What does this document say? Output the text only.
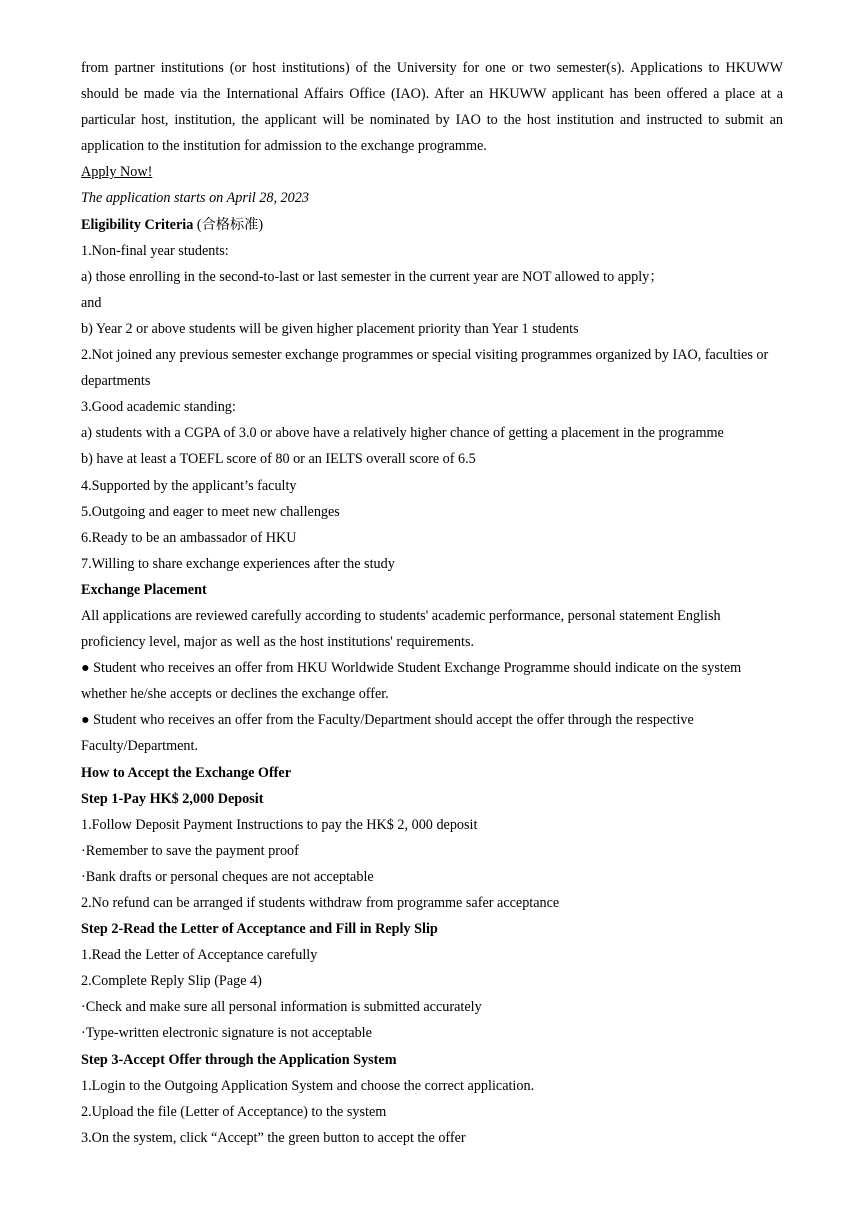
from partner institutions (or host institutions) of the University for one or two semester(s). Applications to HKUWW should be made via the International Affairs Office (IAO). After an HKUWW applicant has been offered a place at a particular host, institution, the applicant will be nominated by IAO to the host institution and instructed to submit an application to the institution for admission to the exchange programme.
Apply Now!
The application starts on April 28, 2023
Eligibility Criteria (合格标准)
1.Non-final year students:
a) those enrolling in the second-to-last or last semester in the current year are NOT allowed to apply；
and
b) Year 2 or above students will be given higher placement priority than Year 1 students
2.Not joined any previous semester exchange programmes or special visiting programmes organized by IAO, faculties or departments
3.Good academic standing:
a) students with a CGPA of 3.0 or above have a relatively higher chance of getting a placement in the programme
b) have at least a TOEFL score of 80 or an IELTS overall score of 6.5
4.Supported by the applicant’s faculty
5.Outgoing and eager to meet new challenges
6.Ready to be an ambassador of HKU
7.Willing to share exchange experiences after the study
Exchange Placement
All applications are reviewed carefully according to students' academic performance, personal statement English proficiency level, major as well as the host institutions' requirements.
● Student who receives an offer from HKU Worldwide Student Exchange Programme should indicate on the system whether he/she accepts or declines the exchange offer.
● Student who receives an offer from the Faculty/Department should accept the offer through the respective Faculty/Department.
How to Accept the Exchange Offer
Step 1-Pay HK$ 2,000 Deposit
1.Follow Deposit Payment Instructions to pay the HK$ 2, 000 deposit
·Remember to save the payment proof
·Bank drafts or personal cheques are not acceptable
2.No refund can be arranged if students withdraw from programme safer acceptance
Step 2-Read the Letter of Acceptance and Fill in Reply Slip
1.Read the Letter of Acceptance carefully
2.Complete Reply Slip (Page 4)
·Check and make sure all personal information is submitted accurately
·Type-written electronic signature is not acceptable
Step 3-Accept Offer through the Application System
1.Login to the Outgoing Application System and choose the correct application.
2.Upload the file (Letter of Acceptance) to the system
3.On the system, click “Accept” the green button to accept the offer
